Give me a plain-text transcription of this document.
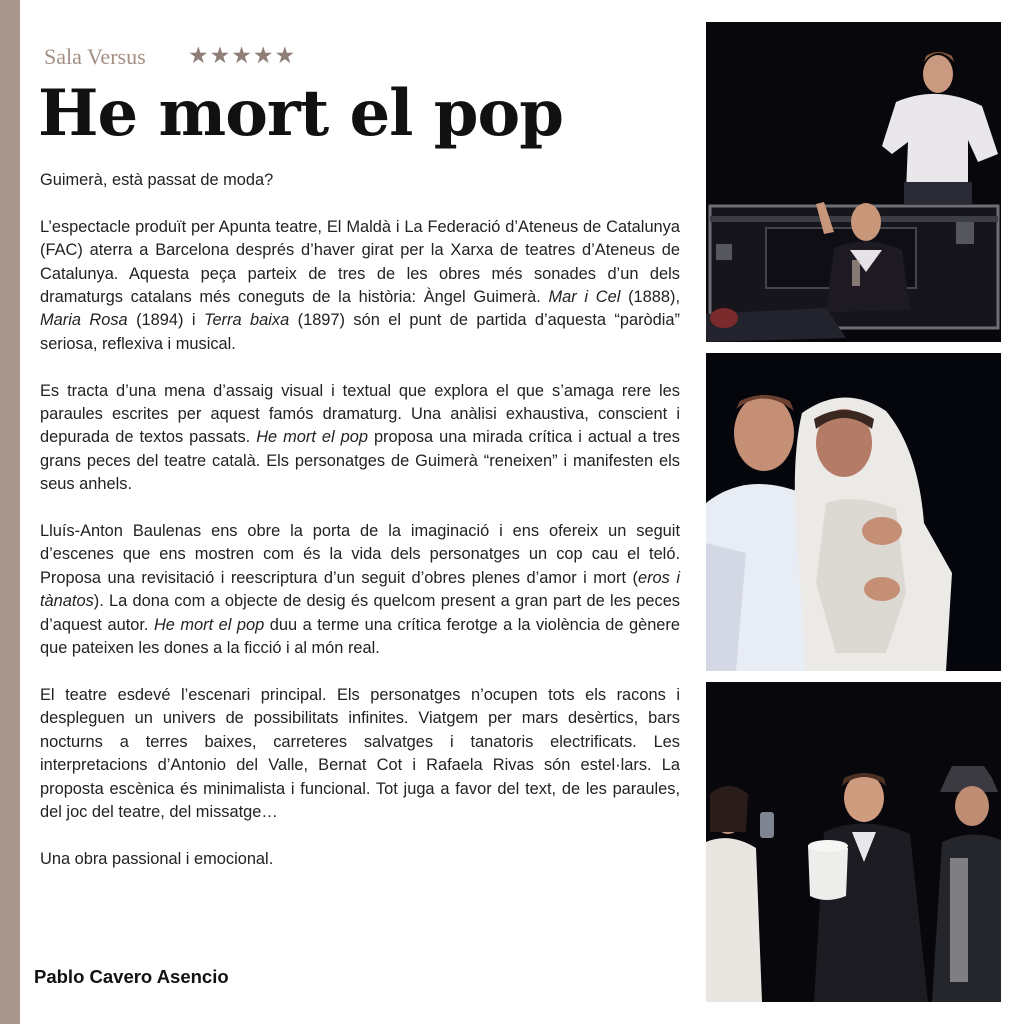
Sala Versus ★★★★★
He mort el pop

Guimerà, està passat de moda?

L’espectacle produït per Apunta teatre, El Maldà i La Federació d’Ateneus de Catalunya (FAC) aterra a Barcelona després d’haver girat per la Xarxa de teatres d’Ateneus de Catalunya. Aquesta peça parteix de tres de les obres més sonades d’un dels dramaturgs catalans més coneguts de la història: Àngel Guimerà. Mar i Cel (1888), Maria Rosa (1894) i Terra baixa (1897) són el punt de partida d’aquesta “paròdia” seriosa, reflexiva i musical.

Es tracta d’una mena d’assaig visual i textual que explora el que s’amaga rere les paraules escrites per aquest famós dramaturg. Una anàlisi exhaustiva, conscient i depurada de textos passats. He mort el pop proposa una mirada crítica i actual a tres grans peces del teatre català. Els personatges de Guimerà “reneixen” i manifesten els seus anhels.

Lluís-Anton Baulenas ens obre la porta de la imaginació i ens ofereix un seguit d’escenes que ens mostren com és la vida dels personatges un cop cau el teló. Proposa una revisitació i reescriptura d’un seguit d’obres plenes d’amor i mort (eros i tànatos). La dona com a objecte de desig és quelcom present a gran part de les peces d’aquest autor. He mort el pop duu a terme una crítica ferotge a la violència de gènere que pateixen les dones a la ficció i al món real.

El teatre esdevé l’escenari principal. Els personatges n’ocupen tots els racons i despleguen un univers de possibilitats infinites. Viatgem per mars desèrtics, bars nocturns a terres baixes, carreteres salvatges i tanatoris electrificats. Les interpretacions d’Antonio del Valle, Bernat Cot i Rafaela Rivas són estel·lars. La proposta escènica és minimalista i funcional. Tot juga a favor del text, de les paraules, del joc del teatre, del missatge…

Una obra passional i emocional.

Pablo Cavero Asencio
